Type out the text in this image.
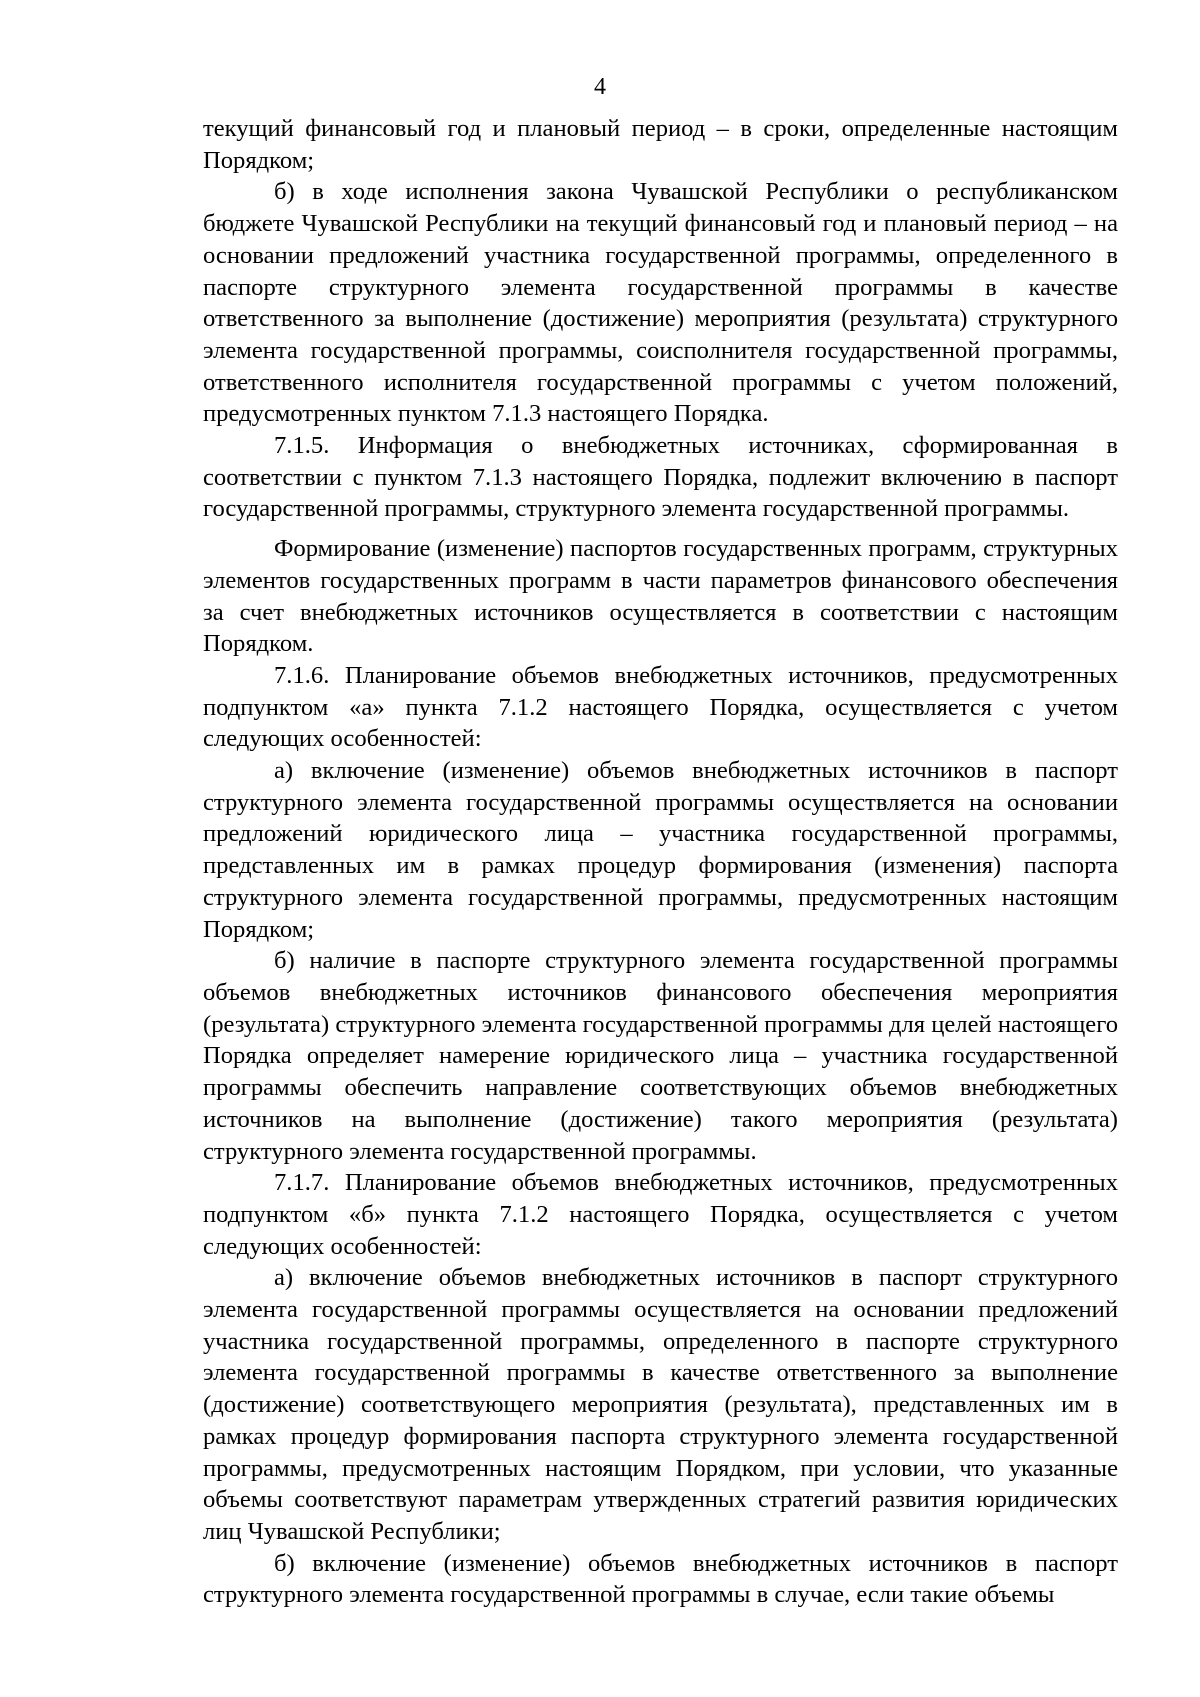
4

текущий финансовый год и плановый период – в сроки, определенные настоящим Порядком;

б) в ходе исполнения закона Чувашской Республики о республиканском бюджете Чувашской Республики на текущий финансовый год и плановый период – на основании предложений участника государственной программы, определенного в паспорте структурного элемента государственной программы в качестве ответственного за выполнение (достижение) мероприятия (результата) структурного элемента государственной программы, соисполнителя государственной программы, ответственного исполнителя государственной программы с учетом положений, предусмотренных пунктом 7.1.3 настоящего Порядка.

7.1.5. Информация о внебюджетных источниках, сформированная в соответствии с пунктом 7.1.3 настоящего Порядка, подлежит включению в паспорт государственной программы, структурного элемента государственной программы.

Формирование (изменение) паспортов государственных программ, структурных элементов государственных программ в части параметров финансового обеспечения за счет внебюджетных источников осуществляется в соответствии с настоящим Порядком.

7.1.6. Планирование объемов внебюджетных источников, предусмотренных подпунктом «а» пункта 7.1.2 настоящего Порядка, осуществляется с учетом следующих особенностей:

а) включение (изменение) объемов внебюджетных источников в паспорт структурного элемента государственной программы осуществляется на основании предложений юридического лица – участника государственной программы, представленных им в рамках процедур формирования (изменения) паспорта структурного элемента государственной программы, предусмотренных настоящим Порядком;

б) наличие в паспорте структурного элемента государственной программы объемов внебюджетных источников финансового обеспечения мероприятия (результата) структурного элемента государственной программы для целей настоящего Порядка определяет намерение юридического лица – участника государственной программы обеспечить направление соответствующих объемов внебюджетных источников на выполнение (достижение) такого мероприятия (результата) структурного элемента государственной программы.

7.1.7. Планирование объемов внебюджетных источников, предусмотренных подпунктом «б» пункта 7.1.2 настоящего Порядка, осуществляется с учетом следующих особенностей:

а) включение объемов внебюджетных источников в паспорт структурного элемента государственной программы осуществляется на основании предложений участника государственной программы, определенного в паспорте структурного элемента государственной программы в качестве ответственного за выполнение (достижение) соответствующего мероприятия (результата), представленных им в рамках процедур формирования паспорта структурного элемента государственной программы, предусмотренных настоящим Порядком, при условии, что указанные объемы соответствуют параметрам утвержденных стратегий развития юридических лиц Чувашской Республики;

б) включение (изменение) объемов внебюджетных источников в паспорт структурного элемента государственной программы в случае, если такие объемы
